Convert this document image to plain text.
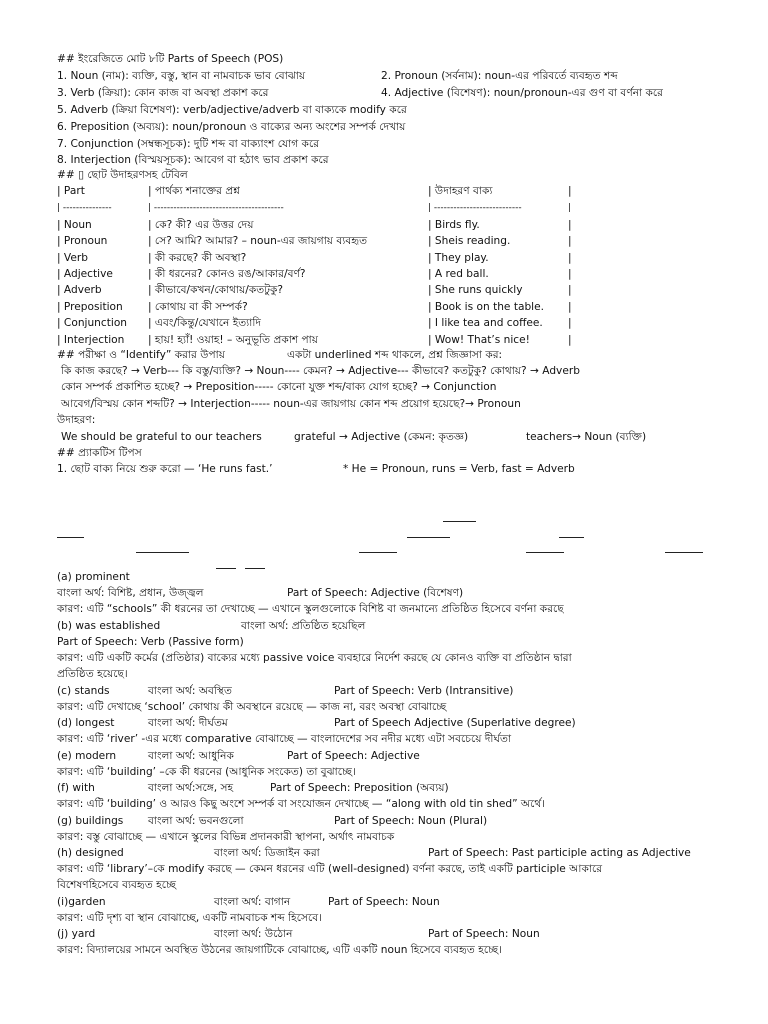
## ইংরেজিতে মোট ৮টি Parts of Speech (POS)
1. Noun (নাম): ব্যক্তি, বস্তু, স্থান বা নামবাচক ভাব বোঝায়	2. Pronoun (সর্বনাম): noun-এর পরিবর্তে ব্যবহৃত শব্দ
3. Verb (ক্রিয়া): কোন কাজ বা অবস্থা প্রকাশ করে	4. Adjective (বিশেষণ): noun/pronoun-এর গুণ বা বর্ণনা করে
5. Adverb (ক্রিয়া বিশেষণ): verb/adjective/adverb বা বাক্যকে modify করে
6. Preposition (অব্যয়): noun/pronoun ও বাক্যের অন্য অংশের সম্পর্ক দেখায়
7. Conjunction (সম্বন্ধসূচক): দুটি শব্দ বা বাক্যাংশ যোগ করে
8. Interjection (বিস্ময়সূচক): আবেগ বা হঠাৎ ভাব প্রকাশ করে
## ▯ ছোট উদাহরণসহ টেবিল
| Part	| পার্থক্য শনাক্তের প্রশ্ন	| উদাহরণ বাক্য	|
| ---------------	| ----------------------------------------	| ---------------------------	|
| Noun	| কে? কী? এর উত্তর দেয়	| Birds fly.	|
| Pronoun	| সে? আমি? আমার? – noun-এর জায়গায় ব্যবহৃত	| Sheis reading.	|
| Verb	| কী করছে? কী অবস্থা?	| They play.	|
| Adjective	| কী ধরনের? কোনও রঙ/আকার/বর্ণ?	| A red ball.	|
| Adverb	| কীভাবে/কখন/কোথায়/কতটুকু?	| She runs quickly	|
| Preposition | কোথায় বা কী সম্পর্ক?	| Book is on the table. |
| Conjunction | এবং/কিন্তু/যেখানে ইত্যাদি	| I like tea and coffee. |
| Interjection | হায়! হ্যাঁ! ওয়াহ! – অনুভূতি প্রকাশ পায়	| Wow! That’s nice!	|
## পরীক্ষা ও “Identify” করার উপায়	একটা underlined শব্দ থাকলে, প্রশ্ন জিজ্ঞাসা কর:
কি কাজ করছে? → Verb--- কি বস্তু/ব্যক্তি? → Noun---- কেমন? → Adjective--- কীভাবে? কতটুকু? কোথায়? → Adverb
কোন সম্পর্ক প্রকাশিত হচ্ছে? → Preposition----- কোনো যুক্ত শব্দ/বাক্য যোগ হচ্ছে? → Conjunction
আবেগ/বিস্ময় কোন শব্দটি? → Interjection----- noun-এর জায়গায় কোন শব্দ প্রয়োগ হয়েছে?→ Pronoun
উদাহরণ:
We should be grateful to our teachers	grateful → Adjective (কেমন: কৃতজ্ঞ)	teachers→ Noun (ব্যক্তি)
## প্র্যাকটিস টিপস
1. ছোট বাক্য নিয়ে শুরু করো — ‘He runs fast.’	* He = Pronoun, runs = Verb, fast = Adverb
(a) prominent
বাংলা অর্থ: বিশিষ্ট, প্রধান, উজ্জ্বল	Part of Speech: Adjective (বিশেষণ)
কারণ: এটি “schools” কী ধরনের তা দেখাচ্ছে — এখানে স্কুলগুলোকে বিশিষ্ট বা জনমান্যে প্রতিষ্ঠিত হিসেবে বর্ণনা করছে
(b) was established	বাংলা অর্থ: প্রতিষ্ঠিত হয়েছিল
Part of Speech: Verb (Passive form)
কারণ: এটি একটি কর্মের (প্রতিষ্ঠার) বাক্যের মধ্যে passive voice ব্যবহারে নির্দেশ করছে যে কোনও ব্যক্তি বা প্রতিষ্ঠান দ্বারা
প্রতিষ্ঠিত হয়েছে।
(c) stands	বাংলা অর্থ: অবস্থিত	Part of Speech: Verb (Intransitive)
কারণ: এটি দেখাচ্ছে ‘school’ কোথায় কী অবস্থানে রয়েছে — কাজ না, বরং অবস্থা বোঝাচ্ছে
(d) longest	বাংলা অর্থ: দীর্ঘতম	Part of Speech Adjective (Superlative degree)
কারণ: এটি ‘river’ -এর মধ্যে comparative বোঝাচ্ছে — বাংলাদেশের সব নদীর মধ্যে এটা সবচেয়ে দীর্ঘতা
(e) modern	বাংলা অর্থ: আধুনিক	Part of Speech: Adjective
কারণ: এটি ‘building’ –কে কী ধরনের (আধুনিক সংকেত) তা বুঝাচ্ছে।
(f) with	বাংলা অর্থ:সঙ্গে, সহ	Part of Speech: Preposition (অব্যয়)
কারণ: এটি ‘building’ ও আরও কিছু অংশে সম্পর্ক বা সংযোজন দেখাচ্ছে — “along with old tin shed” অর্থে।
(g) buildings বাংলা অর্থ: ভবনগুলো	Part of Speech: Noun (Plural)
কারণ: বস্তু বোঝাচ্ছে — এখানে স্কুলের বিভিন্ন প্রদানকারী স্থাপনা, অর্থাৎ নামবাচক
(h) designed	বাংলা অর্থ: ডিজাইন করা	Part of Speech: Past participle acting as Adjective
কারণ: এটি ‘library’–কে modify করছে — কেমন ধরনের এটি (well-designed) বর্ণনা করছে, তাই একটি participle আকারে
বিশেষণহিসেবে ব্যবহৃত হচ্ছে
(i)garden	বাংলা অর্থ: বাগান	Part of Speech: Noun
কারণ: এটি দৃশ্য বা স্থান বোঝাচ্ছে, একটি নামবাচক শব্দ হিসেবে।
(j) yard	বাংলা অর্থ: উঠোন	Part of Speech: Noun
কারণ: বিদ্যালয়ের সামনে অবস্থিত উঠনের জায়গাটিকে বোঝাচ্ছে, এটি একটি noun হিসেবে ব্যবহৃত হচ্ছে।
